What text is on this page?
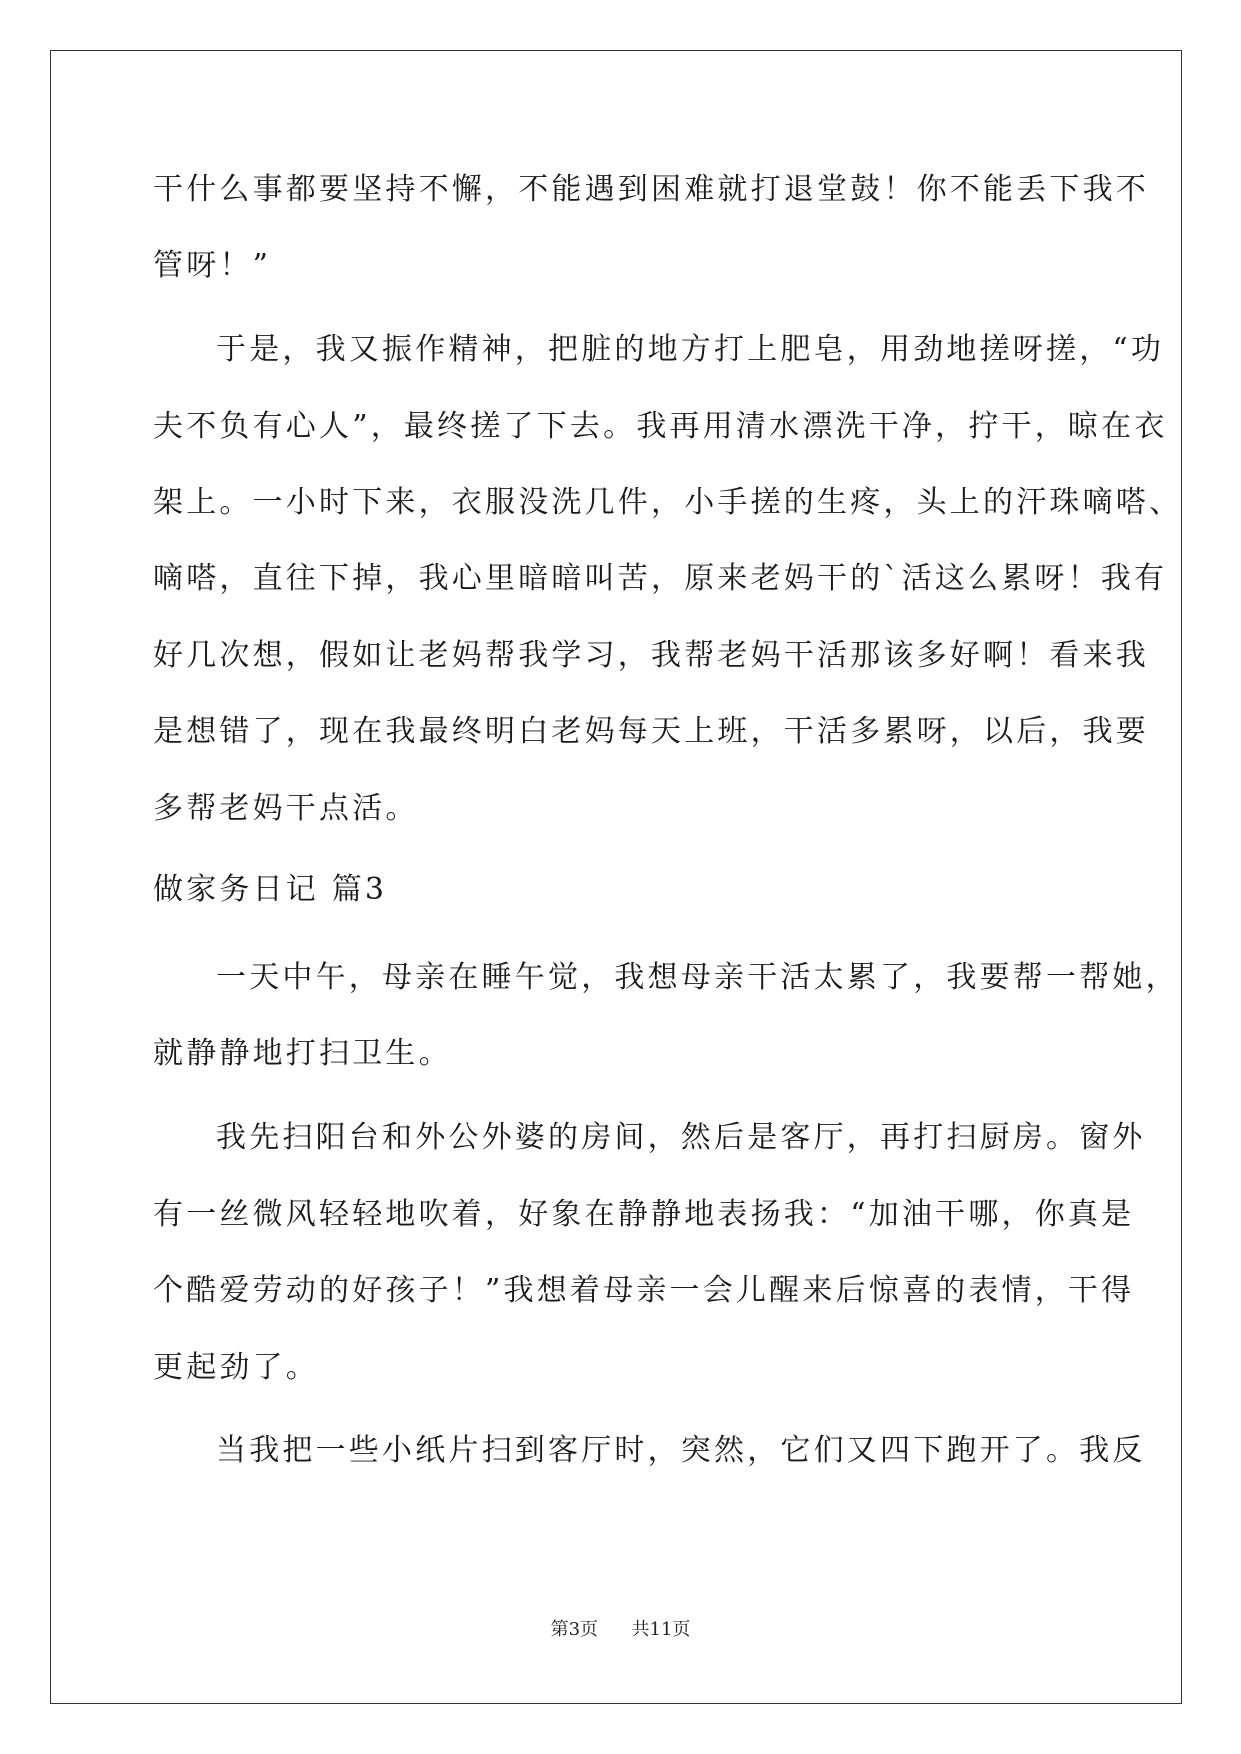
干什么事都要坚持不懈，不能遇到困难就打退堂鼓！你不能丢下我不
管呀！”
于是，我又振作精神，把脏的地方打上肥皂，用劲地搓呀搓，“功
夫不负有心人”，最终搓了下去。我再用清水漂洗干净，拧干，晾在衣
架上。一小时下来，衣服没洗几件，小手搓的生疼，头上的汗珠嘀嗒、
嘀嗒，直往下掉，我心里暗暗叫苦，原来老妈干的`活这么累呀！我有
好几次想，假如让老妈帮我学习，我帮老妈干活那该多好啊！看来我
是想错了，现在我最终明白老妈每天上班，干活多累呀，以后，我要
多帮老妈干点活。
做家务日记 篇3
一天中午，母亲在睡午觉，我想母亲干活太累了，我要帮一帮她，
就静静地打扫卫生。
我先扫阳台和外公外婆的房间，然后是客厅，再打扫厨房。窗外
有一丝微风轻轻地吹着，好象在静静地表扬我：“加油干哪，你真是
个酷爱劳动的好孩子！”我想着母亲一会儿醒来后惊喜的表情，干得
更起劲了。
当我把一些小纸片扫到客厅时，突然，它们又四下跑开了。我反
第3页 共11页
